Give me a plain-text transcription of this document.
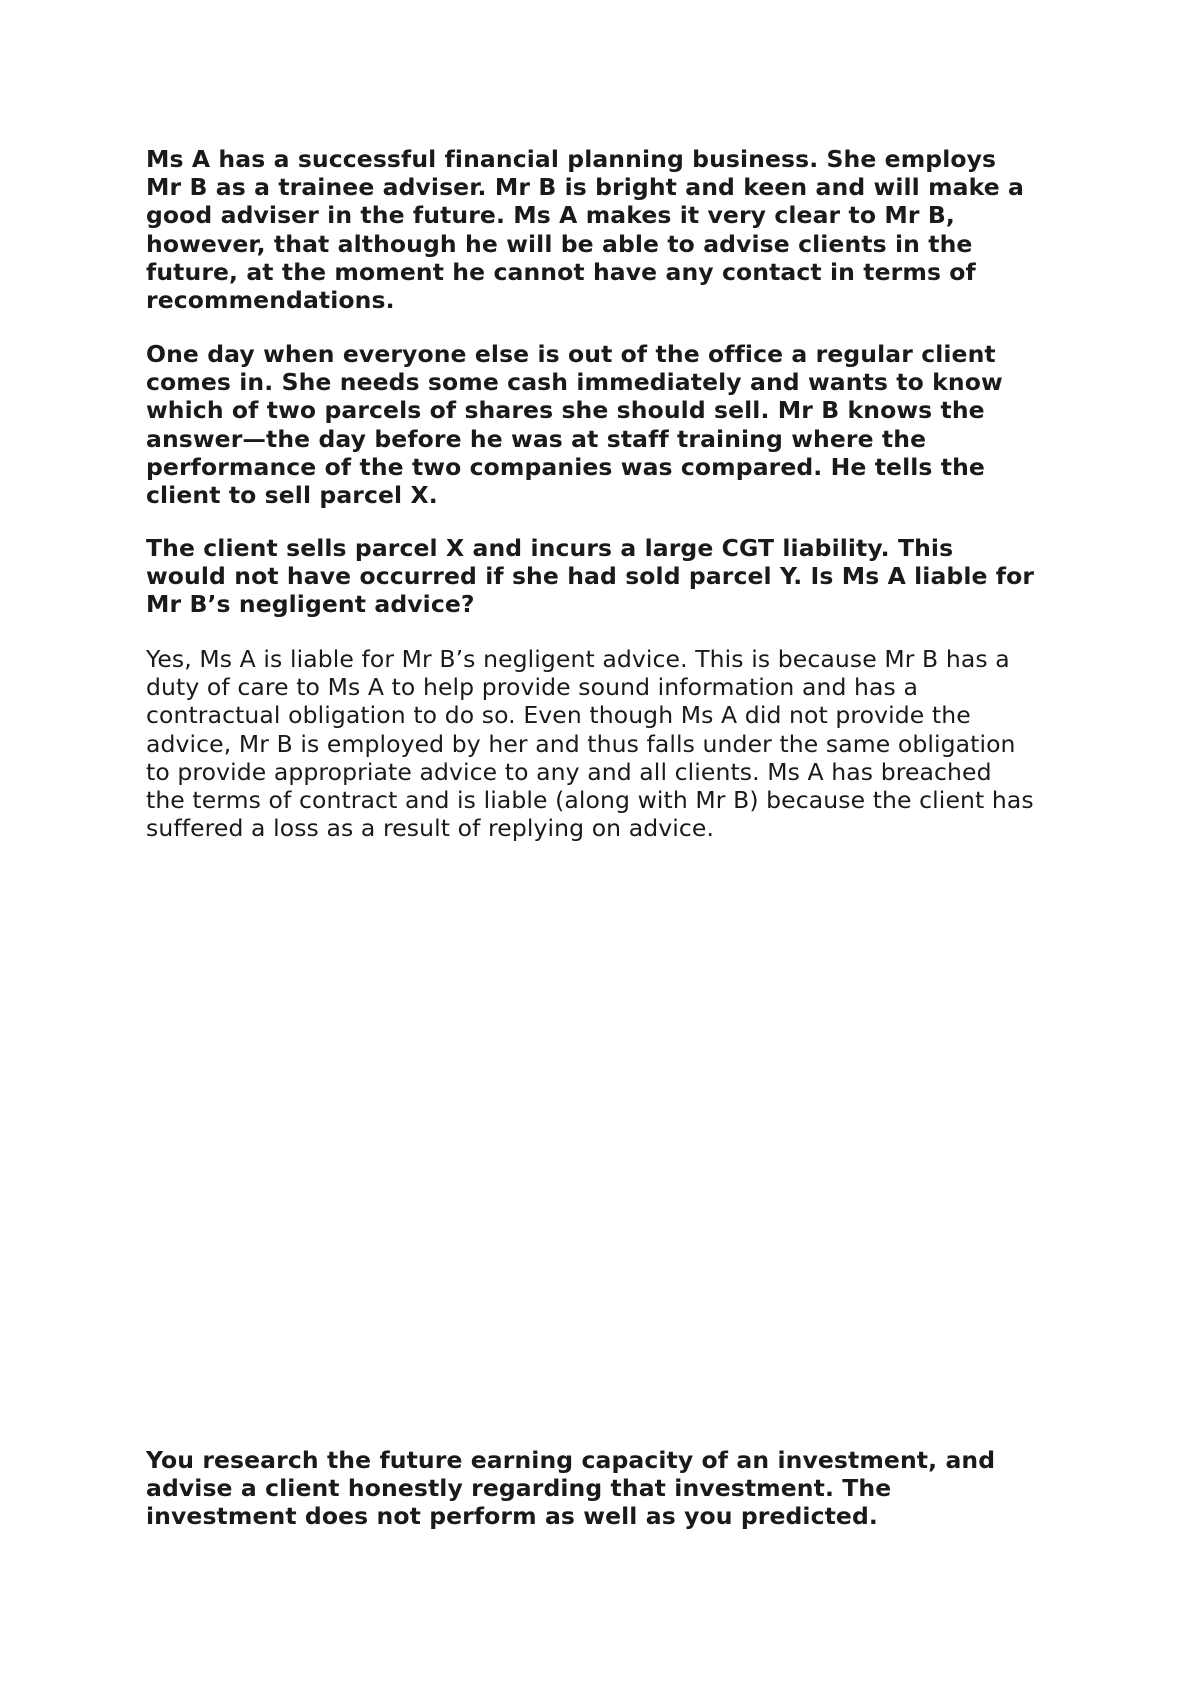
Ms A has a successful financial planning business. She employs
Mr B as a trainee adviser. Mr B is bright and keen and will make a
good adviser in the future. Ms A makes it very clear to Mr B,
however, that although he will be able to advise clients in the
future, at the moment he cannot have any contact in terms of
recommendations.

One day when everyone else is out of the office a regular client
comes in. She needs some cash immediately and wants to know
which of two parcels of shares she should sell. Mr B knows the
answer—the day before he was at staff training where the
performance of the two companies was compared. He tells the
client to sell parcel X.

The client sells parcel X and incurs a large CGT liability. This
would not have occurred if she had sold parcel Y. Is Ms A liable for
Mr B’s negligent advice?

Yes, Ms A is liable for Mr B’s negligent advice. This is because Mr B has a
duty of care to Ms A to help provide sound information and has a
contractual obligation to do so. Even though Ms A did not provide the
advice, Mr B is employed by her and thus falls under the same obligation
to provide appropriate advice to any and all clients. Ms A has breached
the terms of contract and is liable (along with Mr B) because the client has
suffered a loss as a result of replying on advice.

You research the future earning capacity of an investment, and
advise a client honestly regarding that investment. The
investment does not perform as well as you predicted.
